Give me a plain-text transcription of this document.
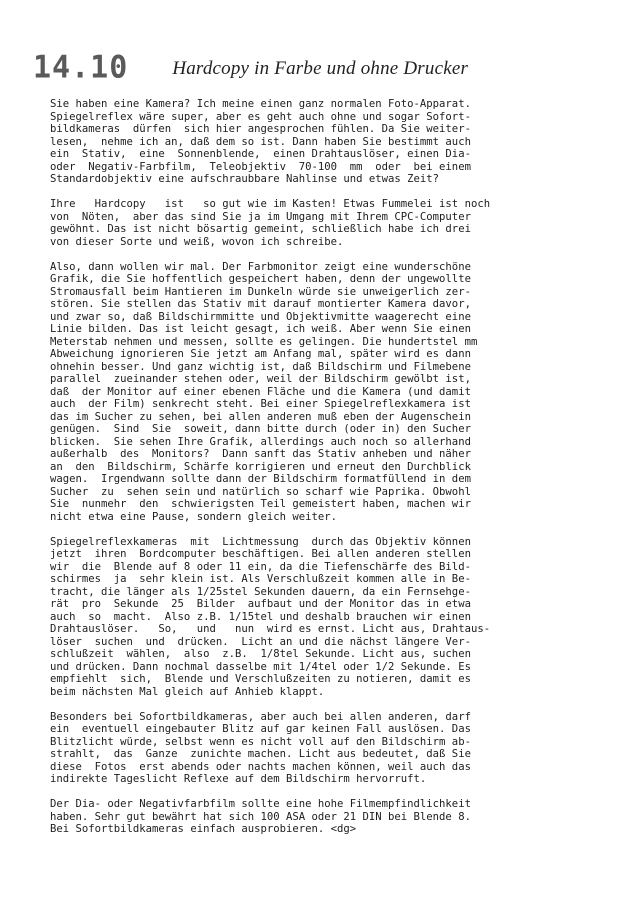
14.10 Hardcopy in Farbe und ohne Drucker
Sie haben eine Kamera? Ich meine einen ganz normalen Foto-Apparat.
Spiegelreflex wäre super, aber es geht auch ohne und sogar Sofort-
bildkameras  dürfen  sich hier angesprochen fühlen. Da Sie weiter-
lesen,  nehme ich an, daß dem so ist. Dann haben Sie bestimmt auch
ein  Stativ,  eine  Sonnenblende,  einen Drahtauslöser, einen Dia-
oder  Negativ-Farbfilm,  Teleobjektiv  70-100  mm  oder  bei einem
Standardobjektiv eine aufschraubbare Nahlinse und etwas Zeit?
Ihre   Hardcopy   ist   so gut wie im Kasten! Etwas Fummelei ist noch
von  Nöten,  aber das sind Sie ja im Umgang mit Ihrem CPC-Computer
gewöhnt. Das ist nicht bösartig gemeint, schließlich habe ich drei
von dieser Sorte und weiß, wovon ich schreibe.
Also, dann wollen wir mal. Der Farbmonitor zeigt eine wunderschöne
Grafik, die Sie hoffentlich gespeichert haben, denn der ungewollte
Stromausfall beim Hantieren im Dunkeln würde sie unweigerlich zer-
stören. Sie stellen das Stativ mit darauf montierter Kamera davor,
und zwar so, daß Bildschirmmitte und Objektivmitte waagerecht eine
Linie bilden. Das ist leicht gesagt, ich weiß. Aber wenn Sie einen
Meterstab nehmen und messen, sollte es gelingen. Die hundertstel mm
Abweichung ignorieren Sie jetzt am Anfang mal, später wird es dann
ohnehin besser. Und ganz wichtig ist, daß Bildschirm und Filmebene
parallel  zueinander stehen oder, weil der Bildschirm gewölbt ist,
daß  der Monitor auf einer ebenen Fläche und die Kamera (und damit
auch  der Film) senkrecht steht. Bei einer Spiegelreflexkamera ist
das im Sucher zu sehen, bei allen anderen muß eben der Augenschein
genügen.  Sind  Sie  soweit, dann bitte durch (oder in) den Sucher
blicken.  Sie sehen Ihre Grafik, allerdings auch noch so allerhand
außerhalb  des  Monitors?  Dann sanft das Stativ anheben und näher
an  den  Bildschirm, Schärfe korrigieren und erneut den Durchblick
wagen.  Irgendwann sollte dann der Bildschirm formatfüllend in dem
Sucher  zu  sehen sein und natürlich so scharf wie Paprika. Obwohl
Sie  nunmehr  den  schwierigsten Teil gemeistert haben, machen wir
nicht etwa eine Pause, sondern gleich weiter.
Spiegelreflexkameras  mit  Lichtmessung  durch das Objektiv können
jetzt  ihren  Bordcomputer beschäftigen. Bei allen anderen stellen
wir  die  Blende auf 8 oder 11 ein, da die Tiefenschärfe des Bild-
schirmes  ja  sehr klein ist. Als Verschlußzeit kommen alle in Be-
tracht, die länger als 1/25stel Sekunden dauern, da ein Fernsehge-
rät  pro  Sekunde  25  Bilder  aufbaut und der Monitor das in etwa
auch  so  macht.  Also z.B. 1/15tel und deshalb brauchen wir einen
Drahtauslöser.   So,   und   nun  wird es ernst. Licht aus, Drahtaus-
löser  suchen  und  drücken.  Licht an und die nächst längere Ver-
schlußzeit  wählen,  also  z.B.  1/8tel Sekunde. Licht aus, suchen
und drücken. Dann nochmal dasselbe mit 1/4tel oder 1/2 Sekunde. Es
empfiehlt  sich,  Blende und Verschlußzeiten zu notieren, damit es
beim nächsten Mal gleich auf Anhieb klappt.
Besonders bei Sofortbildkameras, aber auch bei allen anderen, darf
ein  eventuell eingebauter Blitz auf gar keinen Fall auslösen. Das
Blitzlicht würde, selbst wenn es nicht voll auf den Bildschirm ab-
strahlt,  das  Ganze  zunichte machen. Licht aus bedeutet, daß Sie
diese  Fotos  erst abends oder nachts machen können, weil auch das
indirekte Tageslicht Reflexe auf dem Bildschirm hervorruft.
Der Dia- oder Negativfarbfilm sollte eine hohe Filmempfindlichkeit
haben. Sehr gut bewährt hat sich 100 ASA oder 21 DIN bei Blende 8.
Bei Sofortbildkameras einfach ausprobieren. <dg>
